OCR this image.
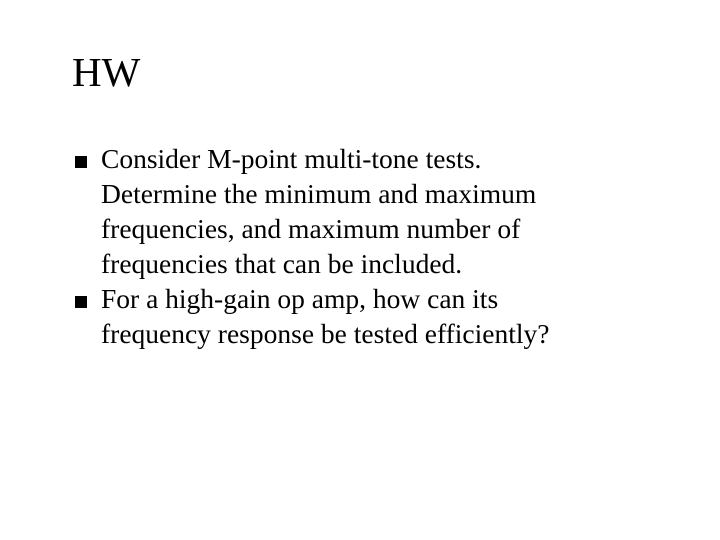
HW
Consider M-point multi-tone tests.
Determine the minimum and maximum
frequencies, and maximum number of
frequencies that can be included.
For a high-gain op amp, how can its
frequency response be tested efficiently?
